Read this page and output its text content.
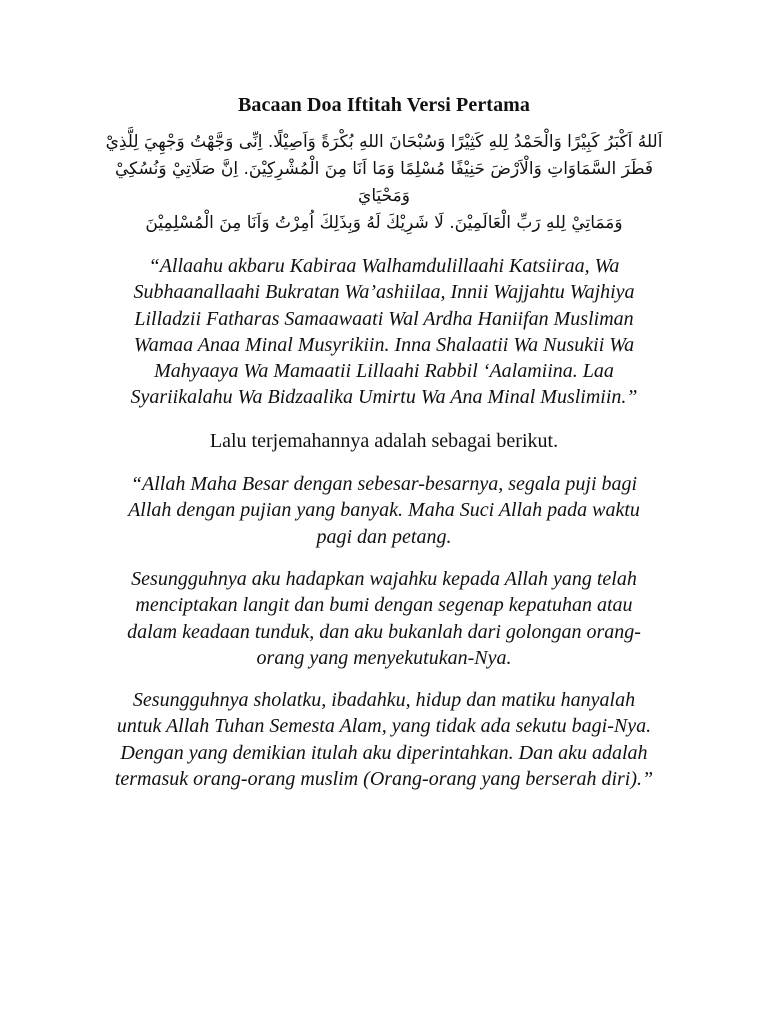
Bacaan Doa Iftitah Versi Pertama

اَللهُ اَكْبَرُ كَبِيْرًا وَالْحَمْدُ لِلهِ كَثِيْرًا وَسُبْحَانَ اللهِ بُكْرَةً وَاَصِيْلًا. اِنِّى وَجَّهْتُ وَجْهِيَ لِلَّذِيْ
فَطَرَ السَّمَاوَاتِ وَالْاَرْضَ حَنِيْفًا مُسْلِمًا وَمَا اَنَا مِنَ الْمُشْرِكِيْنَ. اِنَّ صَلَاتِيْ وَنُسُكِيْ وَمَحْيَايَ
وَمَمَاتِيْ لِلهِ رَبِّ الْعَالَمِيْنَ. لَا شَرِيْكَ لَهُ وَبِذَلِكَ اُمِرْتُ وَاَنَا مِنَ الْمُسْلِمِيْنَ

“Allaahu akbaru Kabiraa Walhamdulillaahi Katsiiraa, Wa
Subhaanallaahi Bukratan Wa’ashiilaa, Innii Wajjahtu Wajhiya
Lilladzii Fatharas Samaawaati Wal Ardha Haniifan Musliman
Wamaa Anaa Minal Musyrikiin. Inna Shalaatii Wa Nusukii Wa
Mahyaaya Wa Mamaatii Lillaahi Rabbil ‘Aalamiina. Laa
Syariikalahu Wa Bidzaalika Umirtu Wa Ana Minal Muslimiin.”

Lalu terjemahannya adalah sebagai berikut.

“Allah Maha Besar dengan sebesar-besarnya, segala puji bagi
Allah dengan pujian yang banyak. Maha Suci Allah pada waktu
pagi dan petang.

Sesungguhnya aku hadapkan wajahku kepada Allah yang telah
menciptakan langit dan bumi dengan segenap kepatuhan atau
dalam keadaan tunduk, dan aku bukanlah dari golongan orang-
orang yang menyekutukan-Nya.

Sesungguhnya sholatku, ibadahku, hidup dan matiku hanyalah
untuk Allah Tuhan Semesta Alam, yang tidak ada sekutu bagi-Nya.
Dengan yang demikian itulah aku diperintahkan. Dan aku adalah
termasuk orang-orang muslim (Orang-orang yang berserah diri).”
